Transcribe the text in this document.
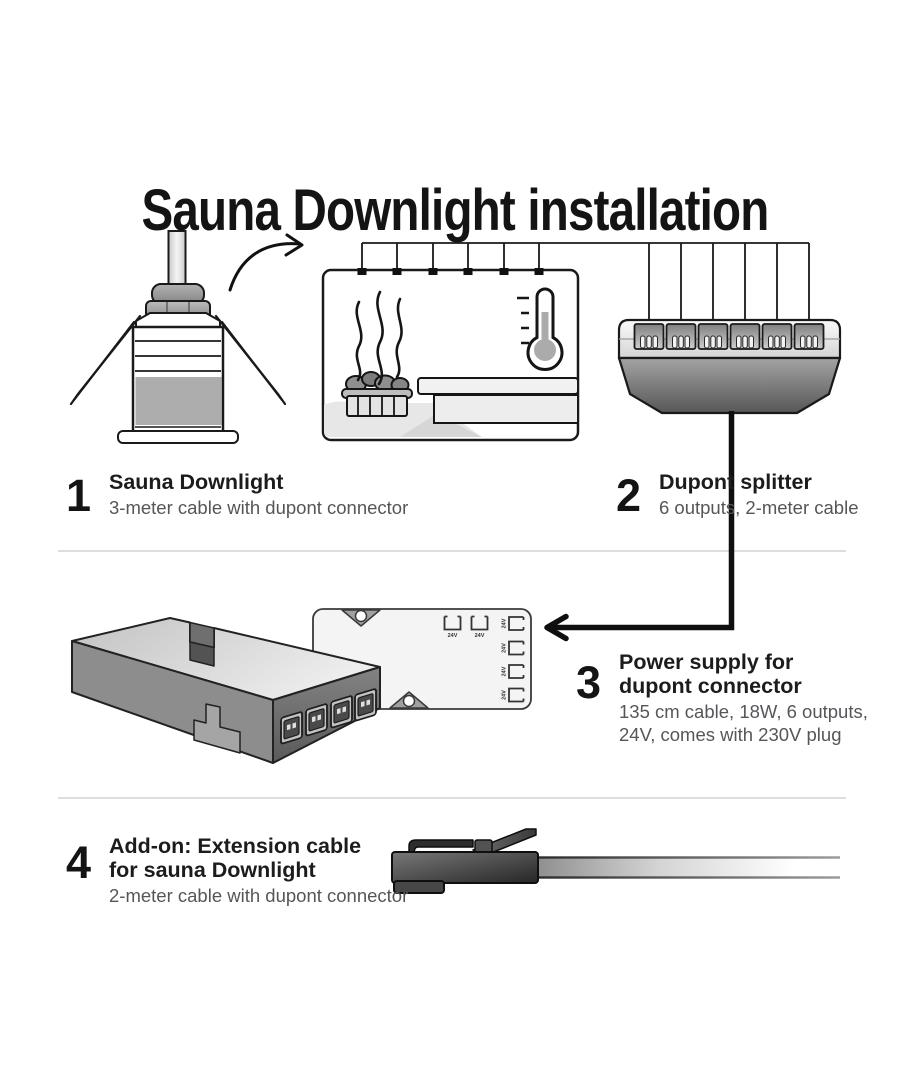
24V	24V
24V
24V
24V
24V
Sauna Downlight installation
1 Sauna Downlight
3-meter cable with dupont connector	2 Dupont splitter
6 outputs, 2-meter cable
3 Power supply for
dupont connector
135 cm cable, 18W, 6 outputs,
24V, comes with 230V plug
4 Add-on: Extension cable
for sauna Downlight
2-meter cable with dupont connector
